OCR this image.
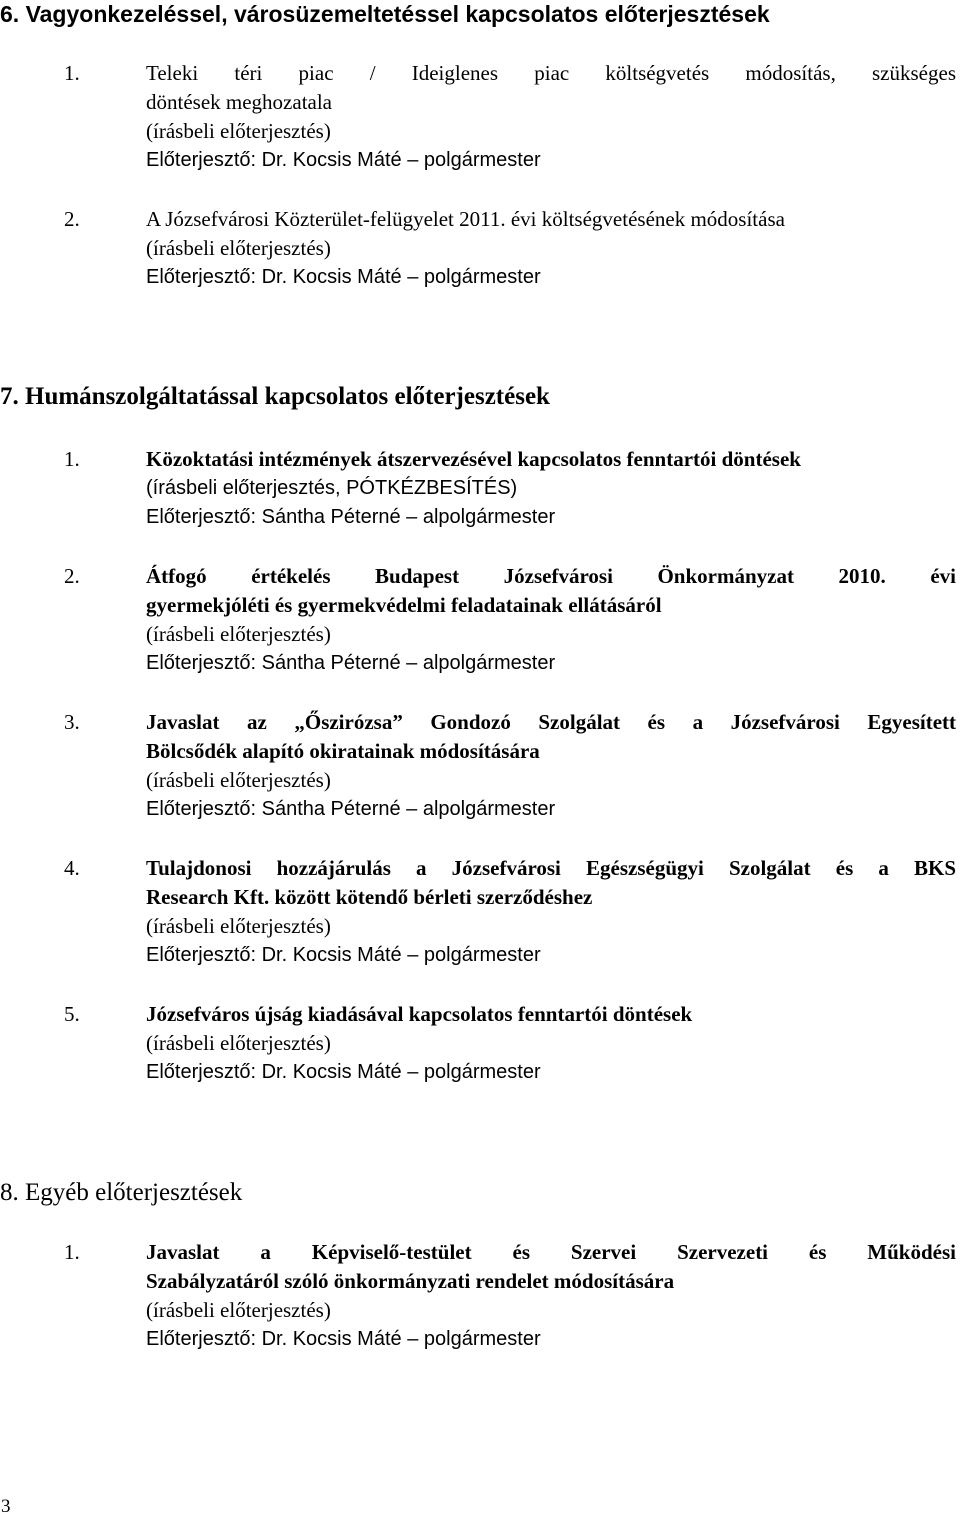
6. Vagyonkezeléssel, városüzemeltetéssel kapcsolatos előterjesztések
1.	Teleki téri piac / Ideiglenes piac költségvetés módosítás, szükséges

döntések meghozatala

(írásbeli előterjesztés)

Előterjesztő: Dr. Kocsis Máté – polgármester

2.	A Józsefvárosi Közterület-felügyelet 2011. évi költségvetésének módosítása

(írásbeli előterjesztés)

Előterjesztő: Dr. Kocsis Máté – polgármester

7. Humánszolgáltatással kapcsolatos előterjesztések
1.	Közoktatási intézmények átszervezésével kapcsolatos fenntartói döntések

(írásbeli előterjesztés, PÓTKÉZBESÍTÉS)

Előterjesztő: Sántha Péterné – alpolgármester

2.	Átfogó értékelés Budapest Józsefvárosi Önkormányzat 2010. évi

gyermekjóléti és gyermekvédelmi feladatainak ellátásáról

(írásbeli előterjesztés)

Előterjesztő: Sántha Péterné – alpolgármester

3.	Javaslat az „Őszirózsa” Gondozó Szolgálat és a Józsefvárosi Egyesített

Bölcsődék alapító okiratainak módosítására

(írásbeli előterjesztés)

Előterjesztő: Sántha Péterné – alpolgármester

4.	Tulajdonosi hozzájárulás a Józsefvárosi Egészségügyi Szolgálat és a BKS

Research Kft. között kötendő bérleti szerződéshez

(írásbeli előterjesztés)

Előterjesztő: Dr. Kocsis Máté – polgármester

5.	Józsefváros újság kiadásával kapcsolatos fenntartói döntések

(írásbeli előterjesztés)

Előterjesztő: Dr. Kocsis Máté – polgármester

8. Egyéb előterjesztések
1.	Javaslat a Képviselő-testület és Szervei Szervezeti és Működési

Szabályzatáról szóló önkormányzati rendelet módosítására

(írásbeli előterjesztés)

Előterjesztő: Dr. Kocsis Máté – polgármester

3
